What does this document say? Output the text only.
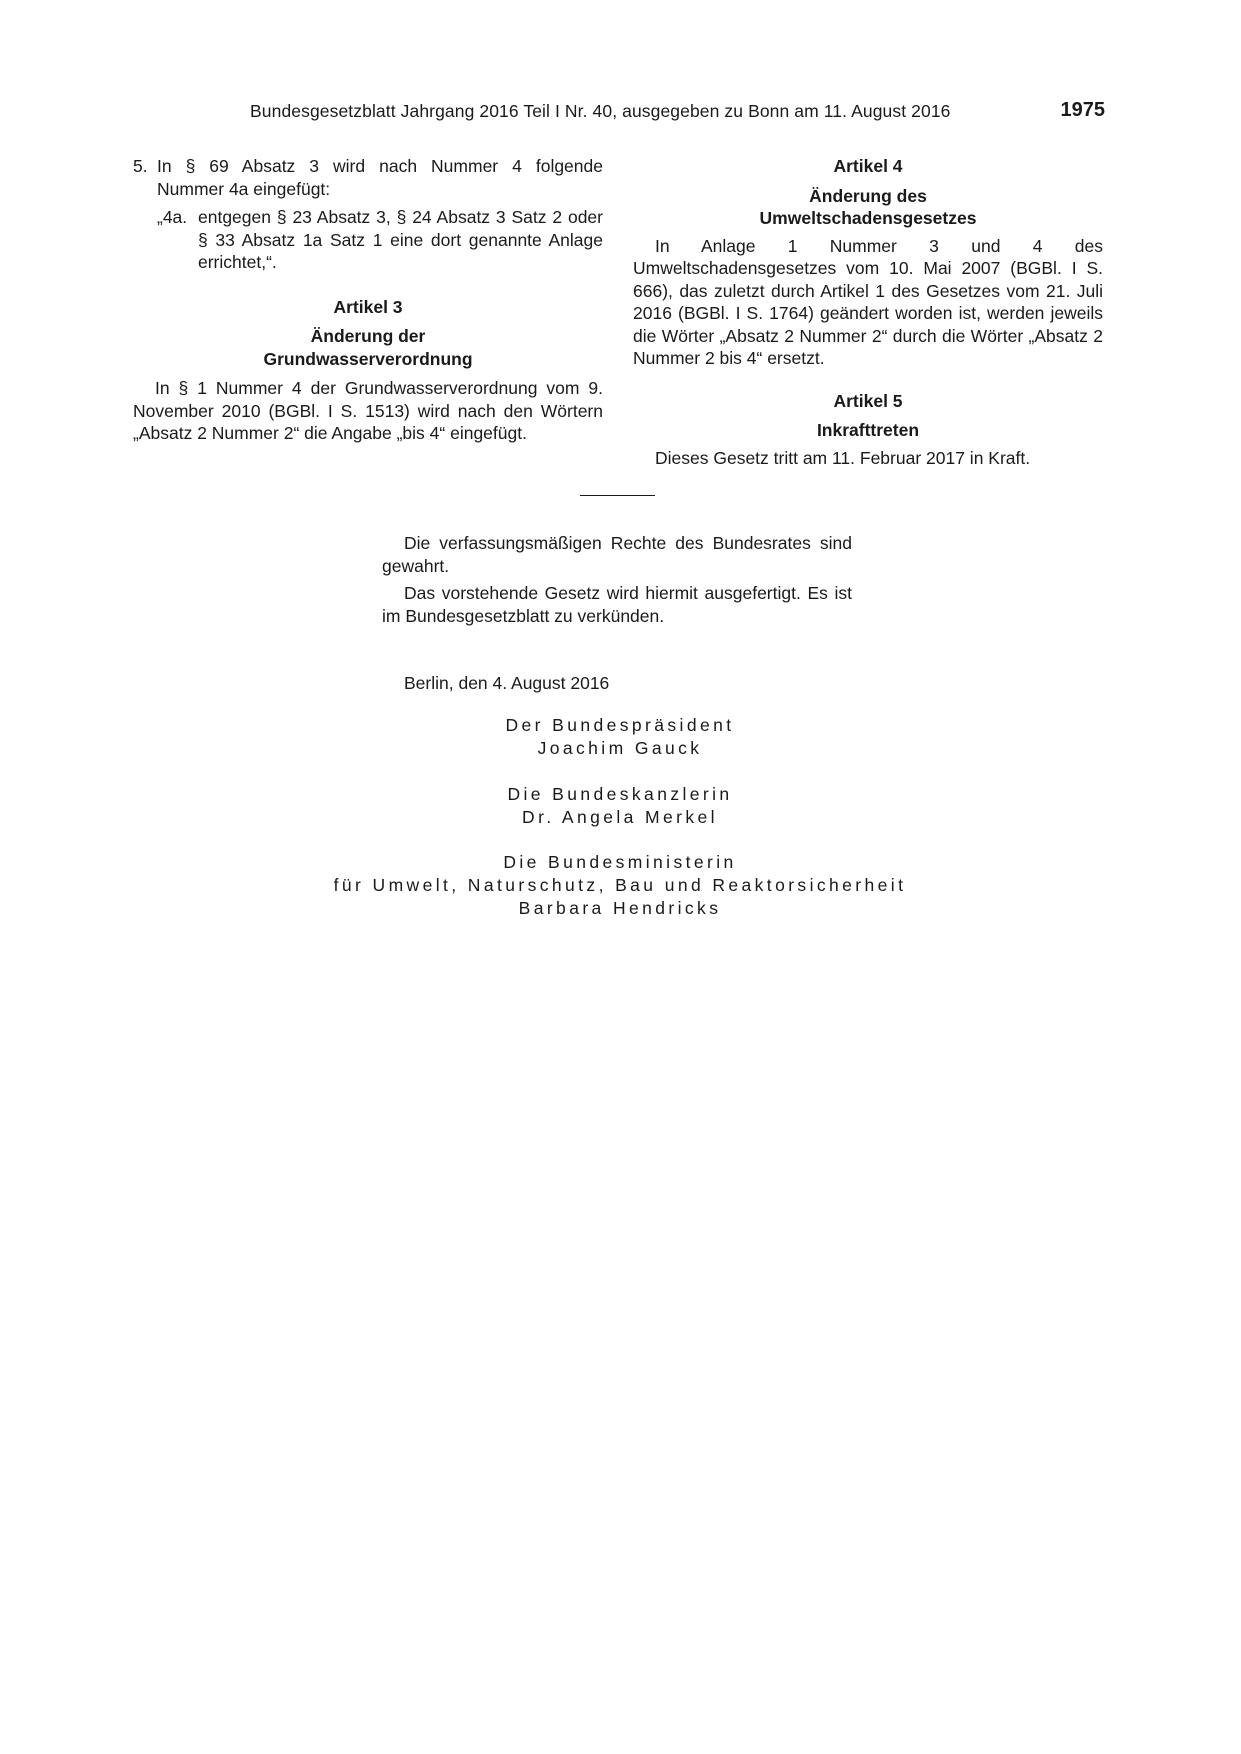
Bundesgesetzblatt Jahrgang 2016 Teil I Nr. 40, ausgegeben zu Bonn am 11. August 2016	1975
5. In § 69 Absatz 3 wird nach Nummer 4 folgende
Nummer 4a eingefügt:
„4a. entgegen § 23 Absatz 3, § 24 Absatz 3 Satz 2 oder § 33 Absatz 1a Satz 1 eine dort genannte Anlage errichtet,“.
Artikel 3
Änderung der
Grundwasserverordnung
In § 1 Nummer 4 der Grundwasserverordnung vom 9. November 2010 (BGBl. I S. 1513) wird nach den Wörtern „Absatz 2 Nummer 2“ die Angabe „bis 4“ eingefügt.
Artikel 4
Änderung des
Umweltschadensgesetzes
In Anlage 1 Nummer 3 und 4 des Umweltschadensgesetzes vom 10. Mai 2007 (BGBl. I S. 666), das zuletzt durch Artikel 1 des Gesetzes vom 21. Juli 2016 (BGBl. I S. 1764) geändert worden ist, werden jeweils die Wörter „Absatz 2 Nummer 2“ durch die Wörter „Absatz 2 Nummer 2 bis 4“ ersetzt.
Artikel 5
Inkrafttreten
Dieses Gesetz tritt am 11. Februar 2017 in Kraft.

Die verfassungsmäßigen Rechte des Bundesrates sind gewahrt.

Das vorstehende Gesetz wird hiermit ausgefertigt. Es ist im Bundesgesetzblatt zu verkünden.

Berlin, den 4. August 2016
Der Bundespräsident
Joachim Gauck
Die Bundeskanzlerin
Dr. Angela Merkel
Die Bundesministerin
für Umwelt, Naturschutz, Bau und Reaktorsicherheit
Barbara Hendricks
